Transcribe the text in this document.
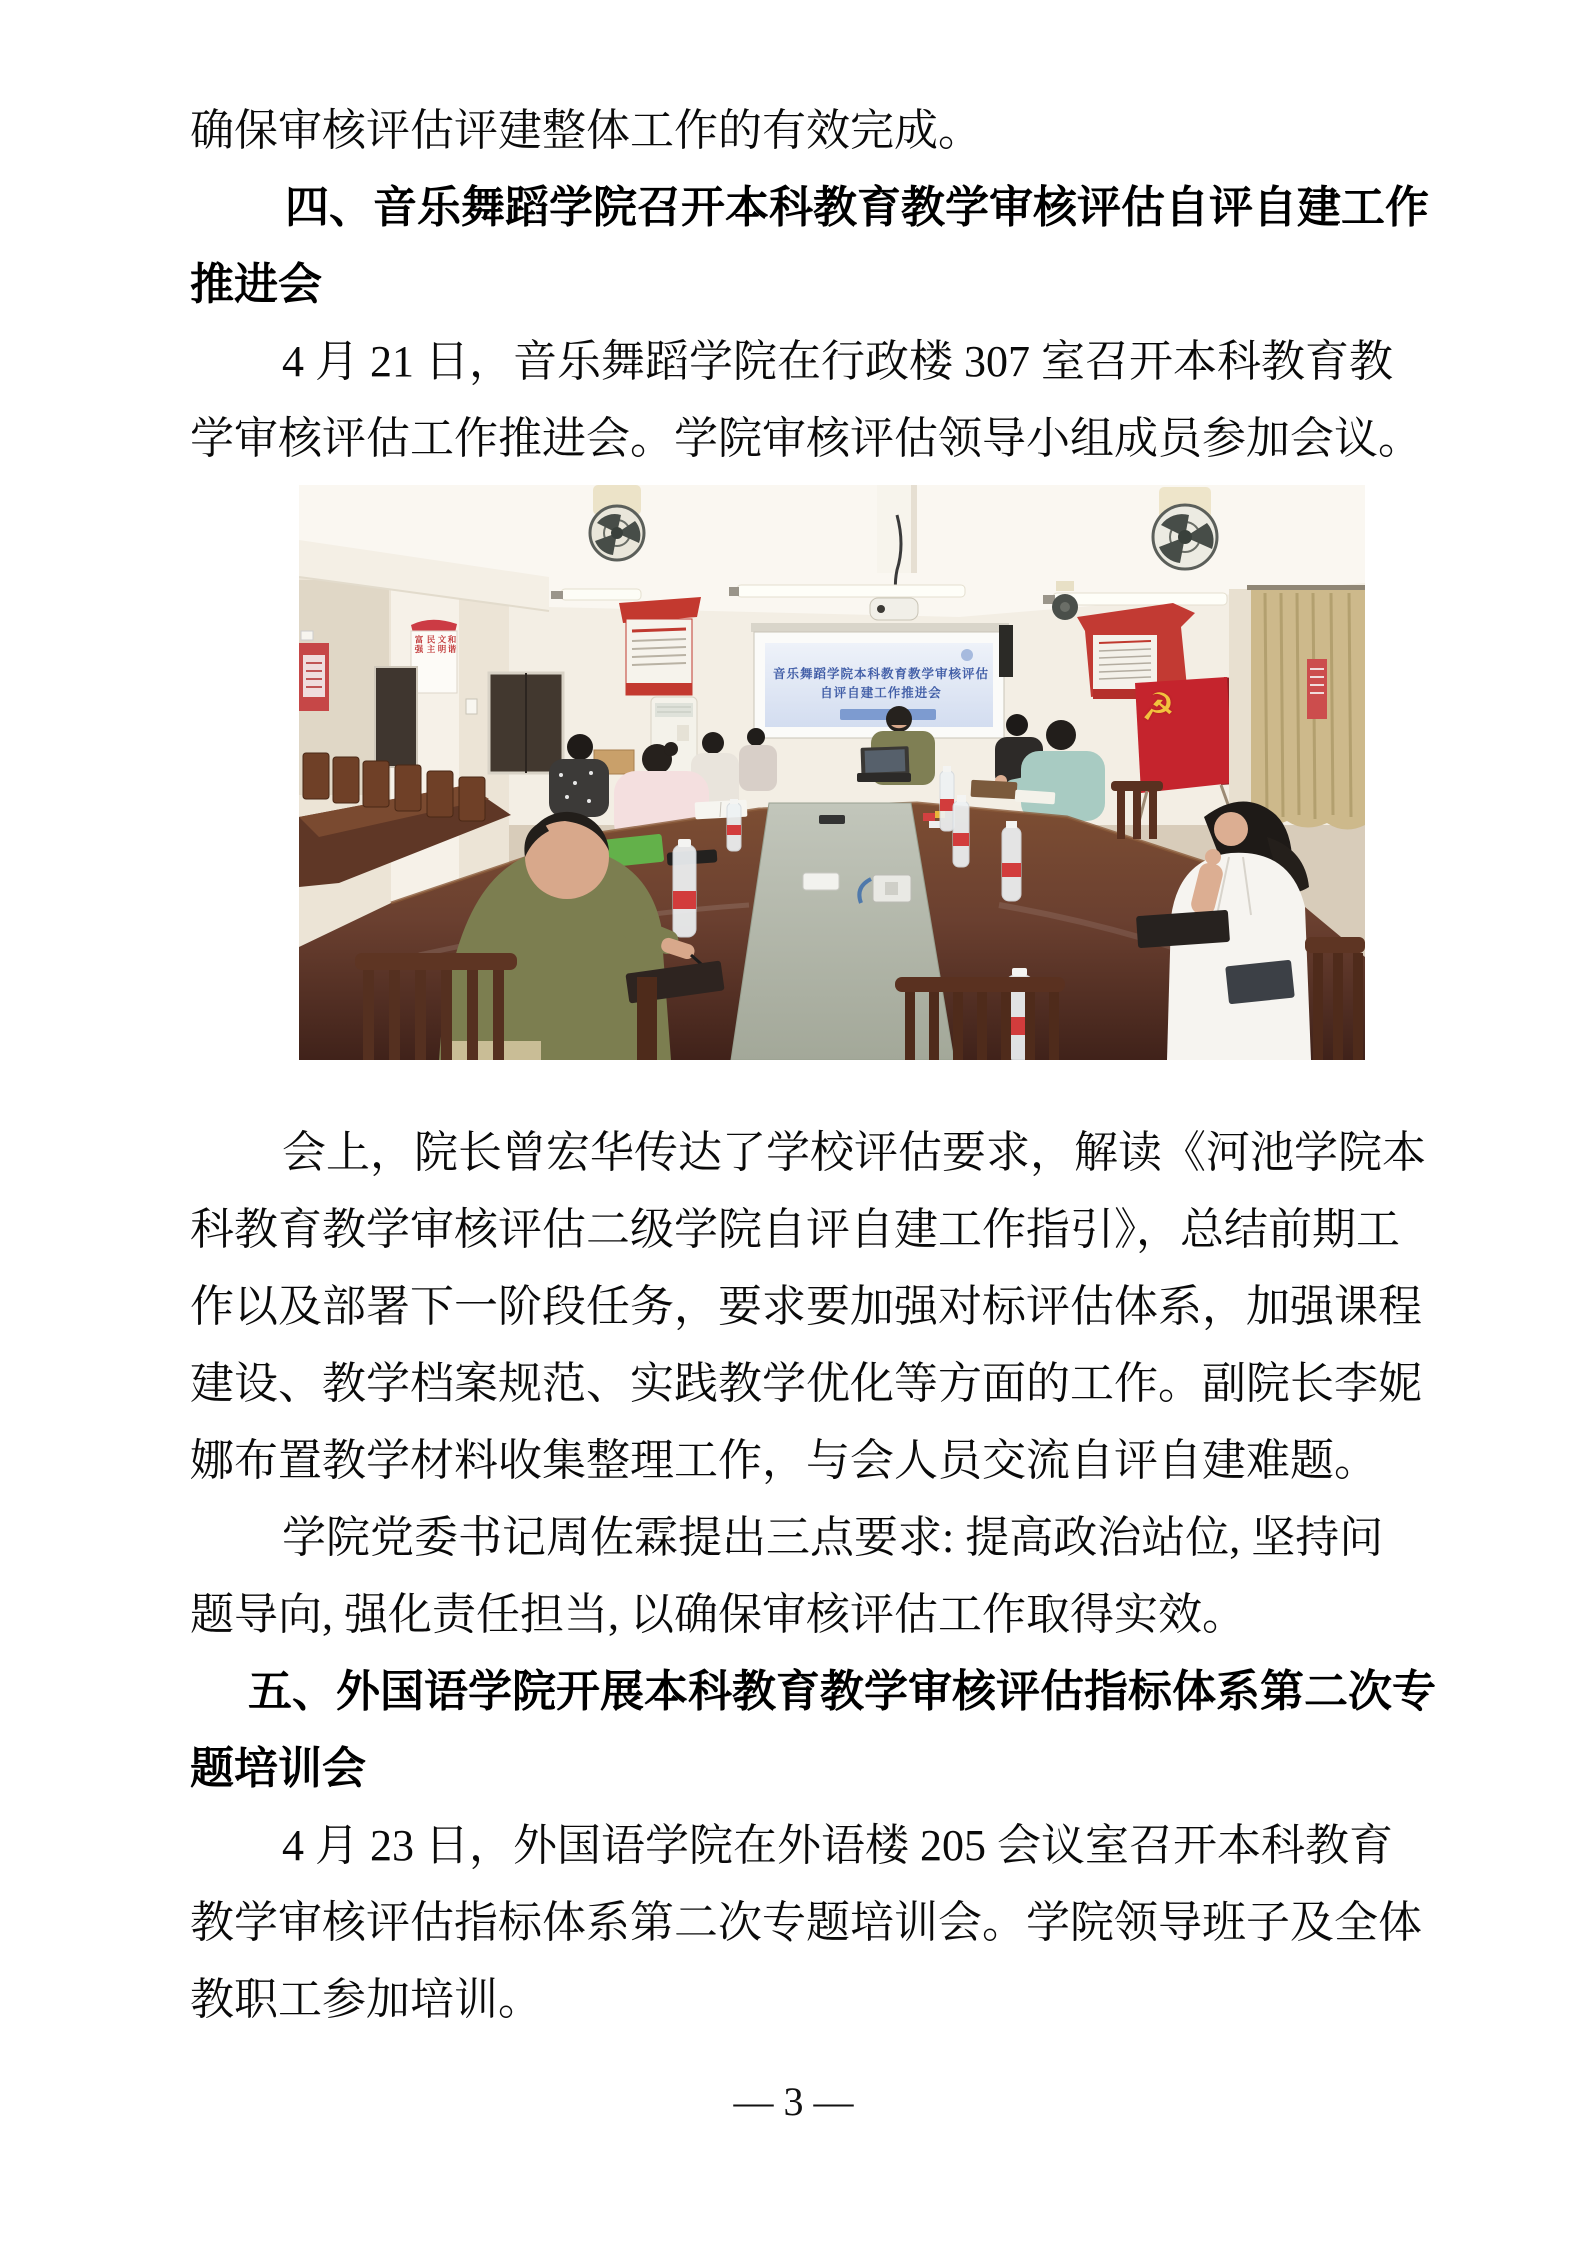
确保审核评估评建整体工作的有效完成。
四、音乐舞蹈学院召开本科教育教学审核评估自评自建工作
推进会
4 月 21 日，音乐舞蹈学院在行政楼 307 室召开本科教育教
学审核评估工作推进会。学院审核评估领导小组成员参加会议。
音乐舞蹈学院本科教育教学审核评估
自评自建工作推进会
富强 民主 文明 和谐
☭
会上，院长曾宏华传达了学校评估要求，解读《河池学院本
科教育教学审核评估二级学院自评自建工作指引》，总结前期工
作以及部署下一阶段任务，要求要加强对标评估体系，加强课程
建设、教学档案规范、实践教学优化等方面的工作。副院长李妮
娜布置教学材料收集整理工作，与会人员交流自评自建难题。
学院党委书记周佐霖提出三点要求: 提高政治站位, 坚持问
题导向, 强化责任担当, 以确保审核评估工作取得实效。
五、外国语学院开展本科教育教学审核评估指标体系第二次专
题培训会
4 月 23 日，外国语学院在外语楼 205 会议室召开本科教育
教学审核评估指标体系第二次专题培训会。学院领导班子及全体
教职工参加培训。
— 3 —
